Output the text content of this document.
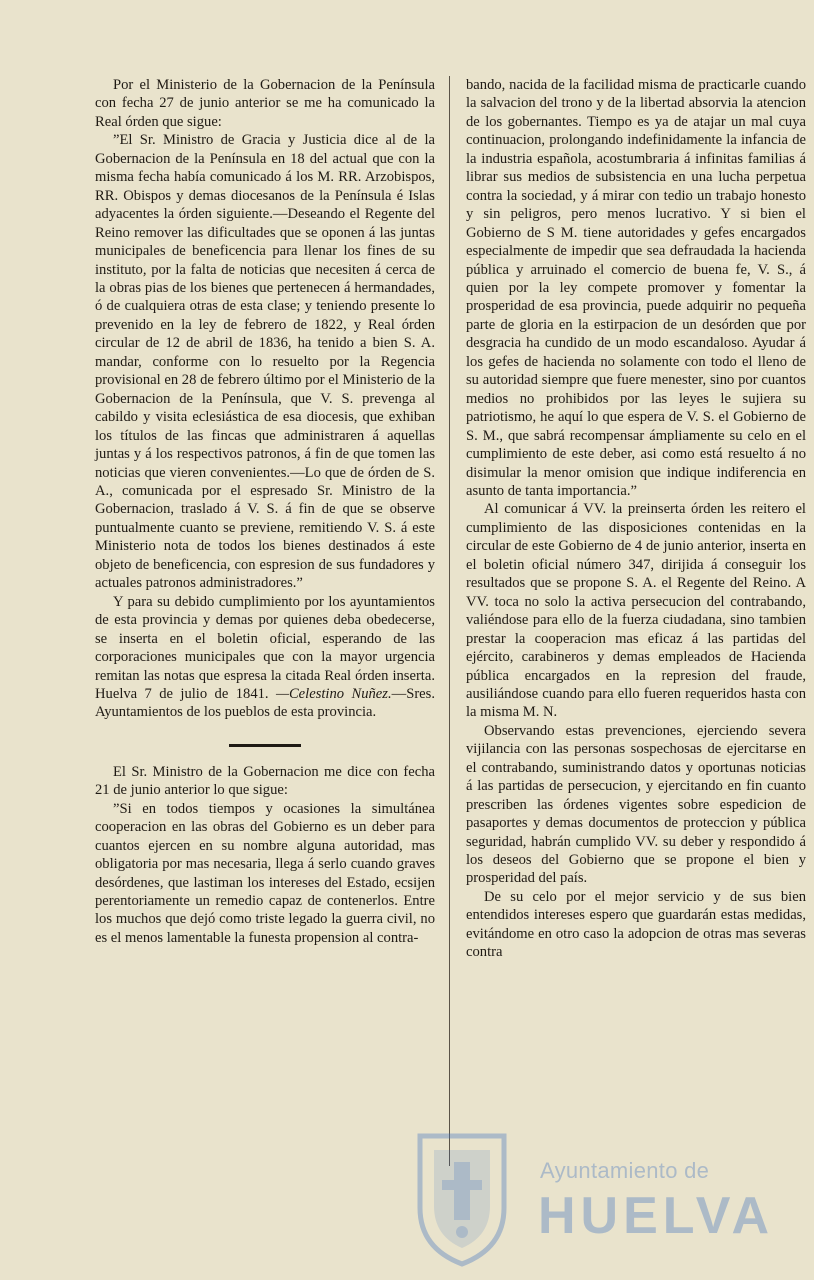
Por el Ministerio de la Gobernacion de la Península con fecha 27 de junio anterior se me ha comunicado la Real órden que sigue:

”El Sr. Ministro de Gracia y Justicia dice al de la Gobernacion de la Península en 18 del actual que con la misma fecha había comunicado á los M. RR. Arzobispos, RR. Obispos y demas diocesanos de la Península é Islas adyacentes la órden siguiente.—Deseando el Regente del Reino remover las dificultades que se oponen á las juntas municipales de beneficencia para llenar los fines de su instituto, por la falta de noticias que necesiten á cerca de la obras pias de los bienes que pertenecen á hermandades, ó de cualquiera otras de esta clase; y teniendo presente lo prevenido en la ley de febrero de 1822, y Real órden circular de 12 de abril de 1836, ha tenido a bien S. A. mandar, conforme con lo resuelto por la Regencia provisional en 28 de febrero último por el Ministerio de la Gobernacion de la Península, que V. S. prevenga al cabildo y visita eclesiástica de esa diocesis, que exhiban los títulos de las fincas que administraren á aquellas juntas y á los respectivos patronos, á fin de que tomen las noticias que vieren convenientes.—Lo que de órden de S. A., comunicada por el espresado Sr. Ministro de la Gobernacion, traslado á V. S. á fin de que se observe puntualmente cuanto se previene, remitiendo V. S. á este Ministerio nota de todos los bienes destinados á este objeto de beneficencia, con espresion de sus fundadores y actuales patronos administradores.”

Y para su debido cumplimiento por los ayuntamientos de esta provincia y demas por quienes deba obedecerse, se inserta en el boletin oficial, esperando de las corporaciones municipales que con la mayor urgencia remitan las notas que espresa la citada Real órden inserta. Huelva 7 de julio de 1841. —Celestino Nuñez.—Sres. Ayuntamientos de los pueblos de esta provincia.

El Sr. Ministro de la Gobernacion me dice con fecha 21 de junio anterior lo que sigue:

”Si en todos tiempos y ocasiones la simultánea cooperacion en las obras del Gobierno es un deber para cuantos ejercen en su nombre alguna autoridad, mas obligatoria por mas necesaria, llega á serlo cuando graves desórdenes, que lastiman los intereses del Estado, ecsijen perentoriamente un remedio capaz de contenerlos. Entre los muchos que dejó como triste legado la guerra civil, no es el menos lamentable la funesta propension al contra-

bando, nacida de la facilidad misma de practicarle cuando la salvacion del trono y de la libertad absorvia la atencion de los gobernantes. Tiempo es ya de atajar un mal cuya continuacion, prolongando indefinidamente la infancia de la industria española, acostumbraria á infinitas familias á librar sus medios de subsistencia en una lucha perpetua contra la sociedad, y á mirar con tedio un trabajo honesto y sin peligros, pero menos lucrativo. Y si bien el Gobierno de S M. tiene autoridades y gefes encargados especialmente de impedir que sea defraudada la hacienda pública y arruinado el comercio de buena fe, V. S., á quien por la ley compete promover y fomentar la prosperidad de esa provincia, puede adquirir no pequeña parte de gloria en la estirpacion de un desórden que por desgracia ha cundido de un modo escandaloso. Ayudar á los gefes de hacienda no solamente con todo el lleno de su autoridad siempre que fuere menester, sino por cuantos medios no prohibidos por las leyes le sujiera su patriotismo, he aquí lo que espera de V. S. el Gobierno de S. M., que sabrá recompensar ámpliamente su celo en el cumplimiento de este deber, asi como está resuelto á no disimular la menor omision que indique indiferencia en asunto de tanta importancia.”

Al comunicar á VV. la preinserta órden les reitero el cumplimiento de las disposiciones contenidas en la circular de este Gobierno de 4 de junio anterior, inserta en el boletin oficial número 347, dirijida á conseguir los resultados que se propone S. A. el Regente del Reino. A VV. toca no solo la activa persecucion del contrabando, valiéndose para ello de la fuerza ciudadana, sino tambien prestar la cooperacion mas eficaz á las partidas del ejército, carabineros y demas empleados de Hacienda pública encargados en la represion del fraude, ausiliándose cuando para ello fueren requeridos hasta con la misma M. N.

Observando estas prevenciones, ejerciendo severa vijilancia con las personas sospechosas de ejercitarse en el contrabando, suministrando datos y oportunas noticias á las partidas de persecucion, y ejercitando en fin cuanto prescriben las órdenes vigentes sobre espedicion de pasaportes y demas documentos de proteccion y pública seguridad, habrán cumplido VV. su deber y respondido á los deseos del Gobierno que se propone el bien y prosperidad del país.

De su celo por el mejor servicio y de sus bien entendidos intereses espero que guardarán estas medidas, evitándome en otro caso la adopcion de otras mas severas contra

Ayuntamiento de
HUELVA
